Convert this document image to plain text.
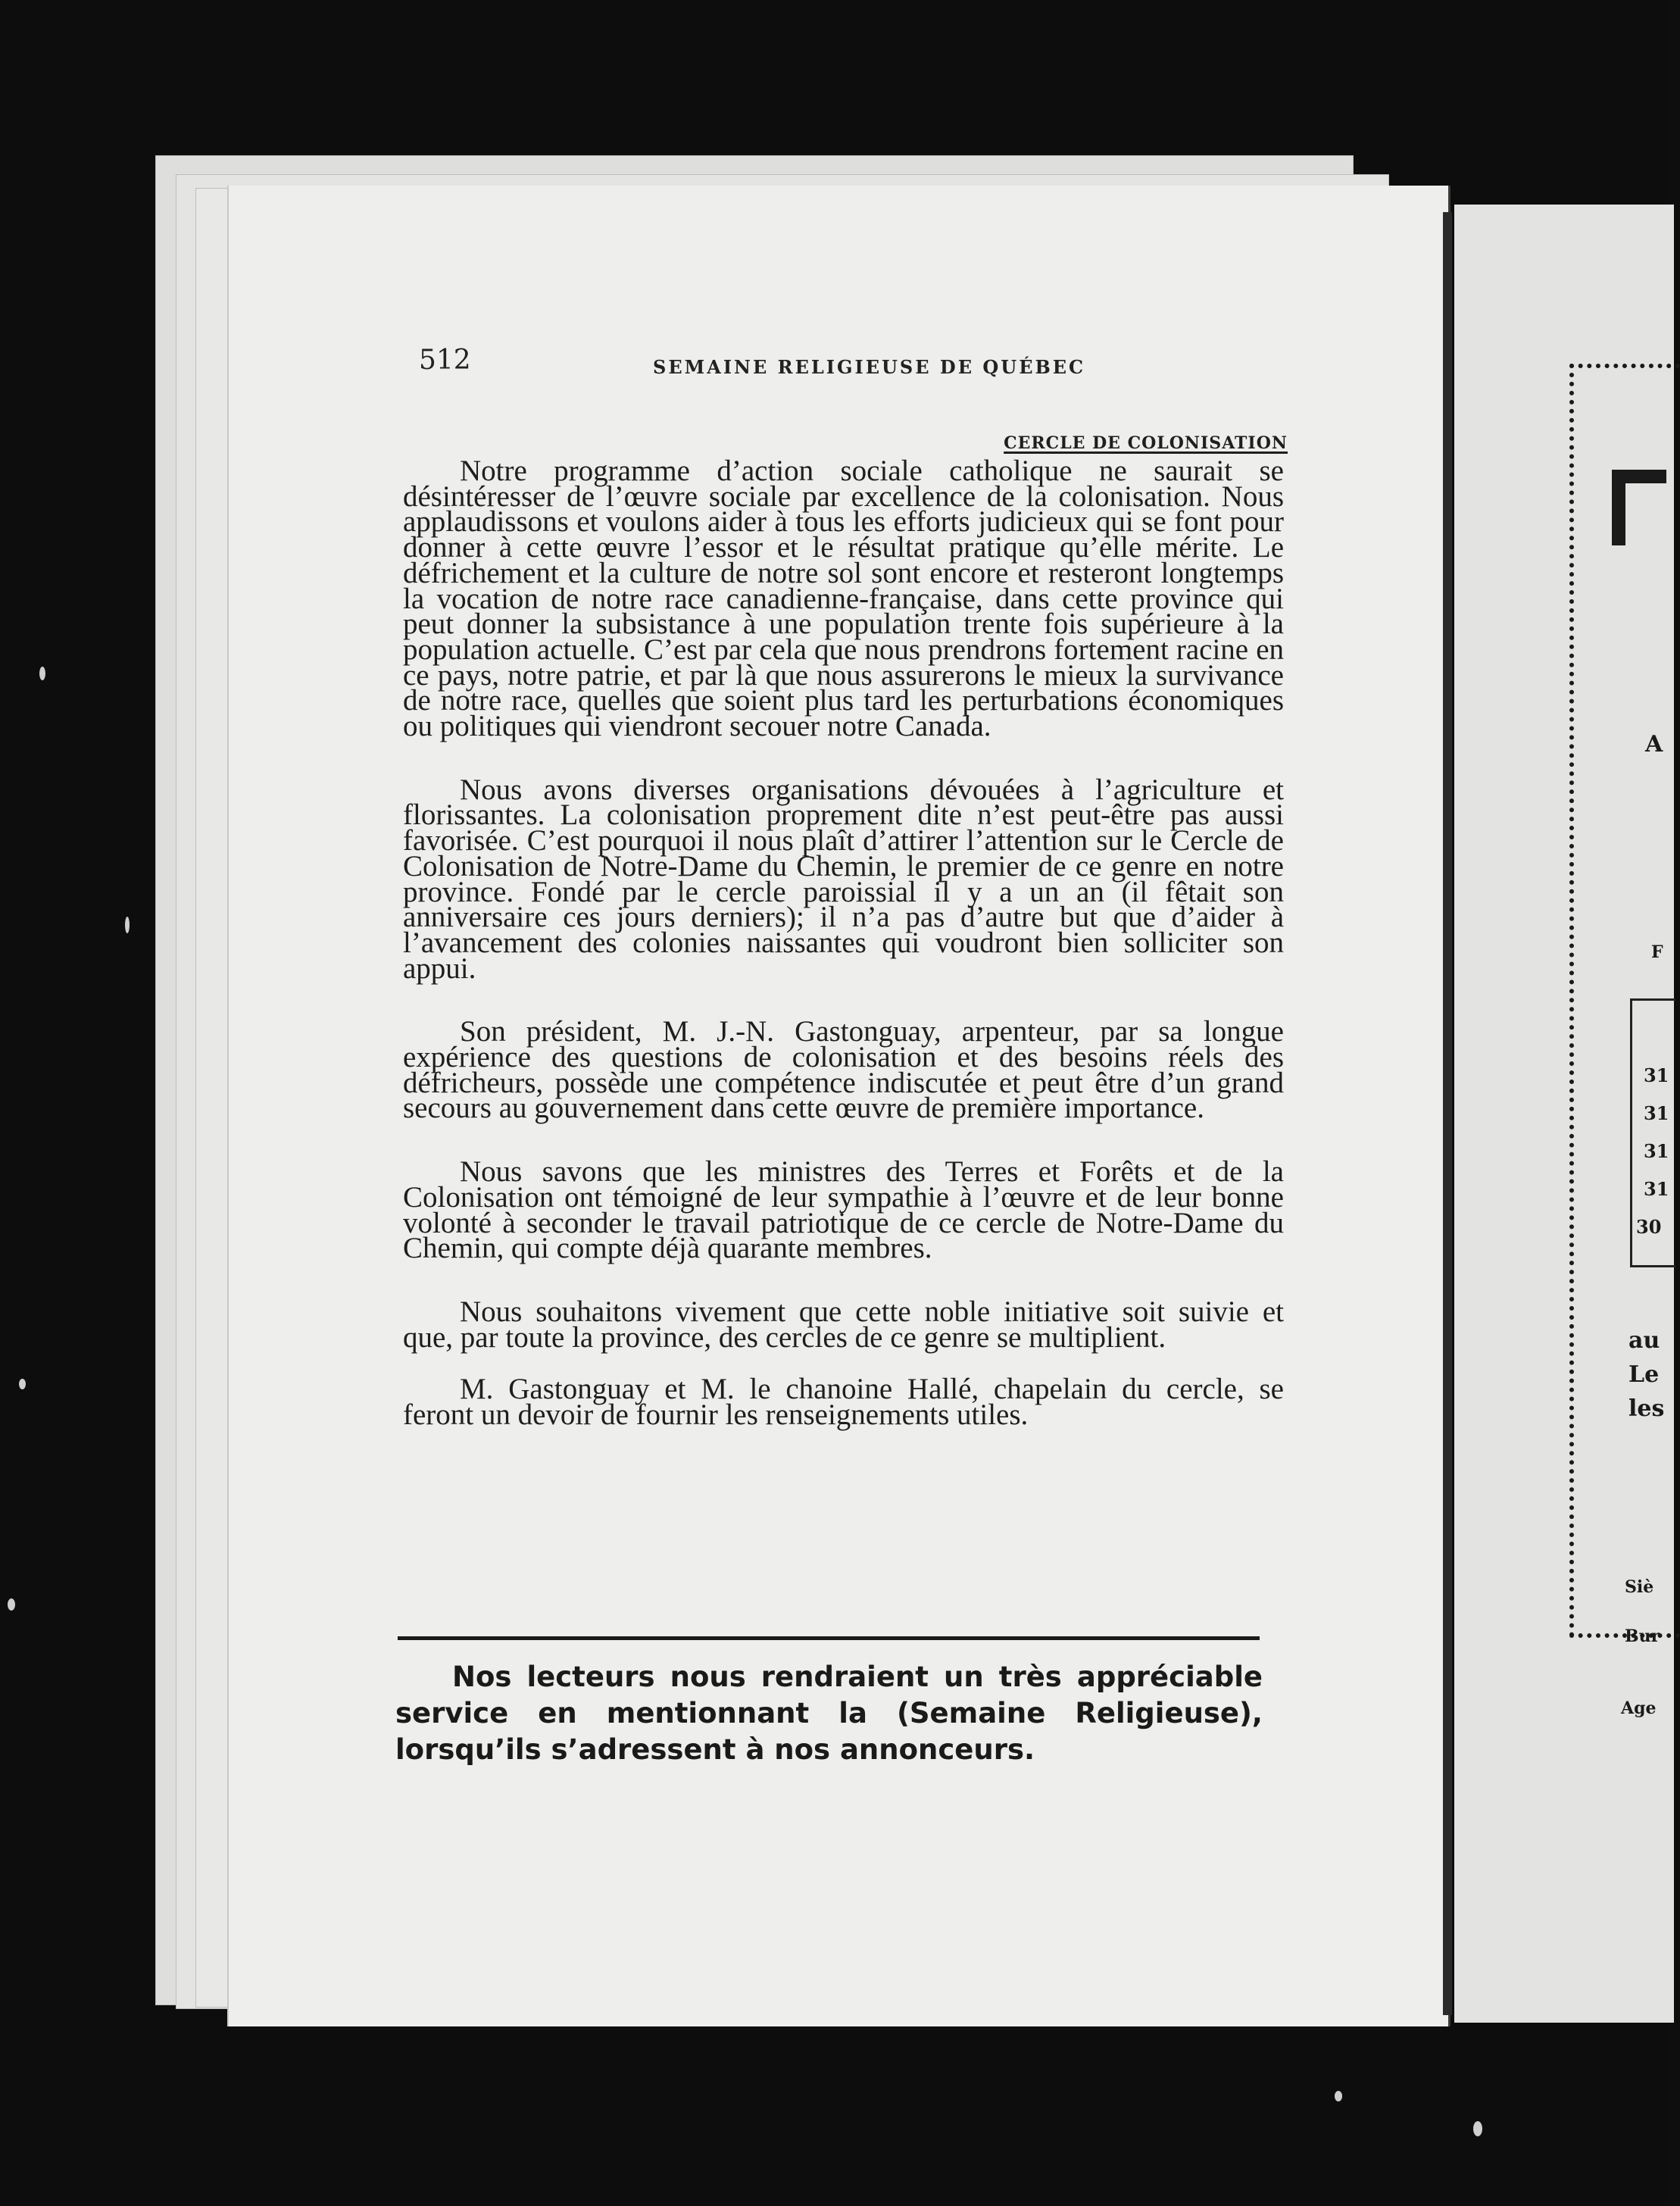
A
F
31
31
31
31
30
au
Le
les
Siè
Bur
Age
512	SEMAINE RELIGIEUSE DE QUÉBEC
CERCLE DE COLONISATION

Notre programme d’action sociale catholique ne saurait se désintéresser de l’œuvre sociale par excellence de la colonisation. Nous applaudissons et voulons aider à tous les efforts judicieux qui se font pour donner à cette œuvre l’essor et le résultat pratique qu’elle mérite. Le défrichement et la culture de notre sol sont encore et resteront longtemps la vocation de notre race canadienne-française, dans cette province qui peut donner la subsistance à une population trente fois supérieure à la population actuelle. C’est par cela que nous prendrons fortement racine en ce pays, notre patrie, et par là que nous assurerons le mieux la survivance de notre race, quelles que soient plus tard les perturbations économiques ou politiques qui viendront secouer notre Canada.

Nous avons diverses organisations dévouées à l’agriculture et florissantes. La colonisation proprement dite n’est peut-être pas aussi favorisée. C’est pourquoi il nous plaît d’attirer l’attention sur le Cercle de Colonisation de Notre-Dame du Chemin, le premier de ce genre en notre province. Fondé par le cercle paroissial il y a un an (il fêtait son anniversaire ces jours derniers); il n’a pas d’autre but que d’aider à l’avancement des colonies naissantes qui voudront bien solliciter son appui.

Son président, M. J.-N. Gastonguay, arpenteur, par sa longue expérience des questions de colonisation et des besoins réels des défricheurs, possède une compétence indiscutée et peut être d’un grand secours au gouvernement dans cette œuvre de première importance.

Nous savons que les ministres des Terres et Forêts et de la Colonisation ont témoigné de leur sympathie à l’œuvre et de leur bonne volonté à seconder le travail patriotique de ce cercle de Notre-Dame du Chemin, qui compte déjà quarante membres.

Nous souhaitons vivement que cette noble initiative soit suivie et que, par toute la province, des cercles de ce genre se multiplient.

M. Gastonguay et M. le chanoine Hallé, chapelain du cercle, se feront un devoir de fournir les renseignements utiles.

Nos lecteurs nous rendraient un très appréciable service en mentionnant la (Semaine Religieuse), lorsqu’ils s’adressent à nos annonceurs.
